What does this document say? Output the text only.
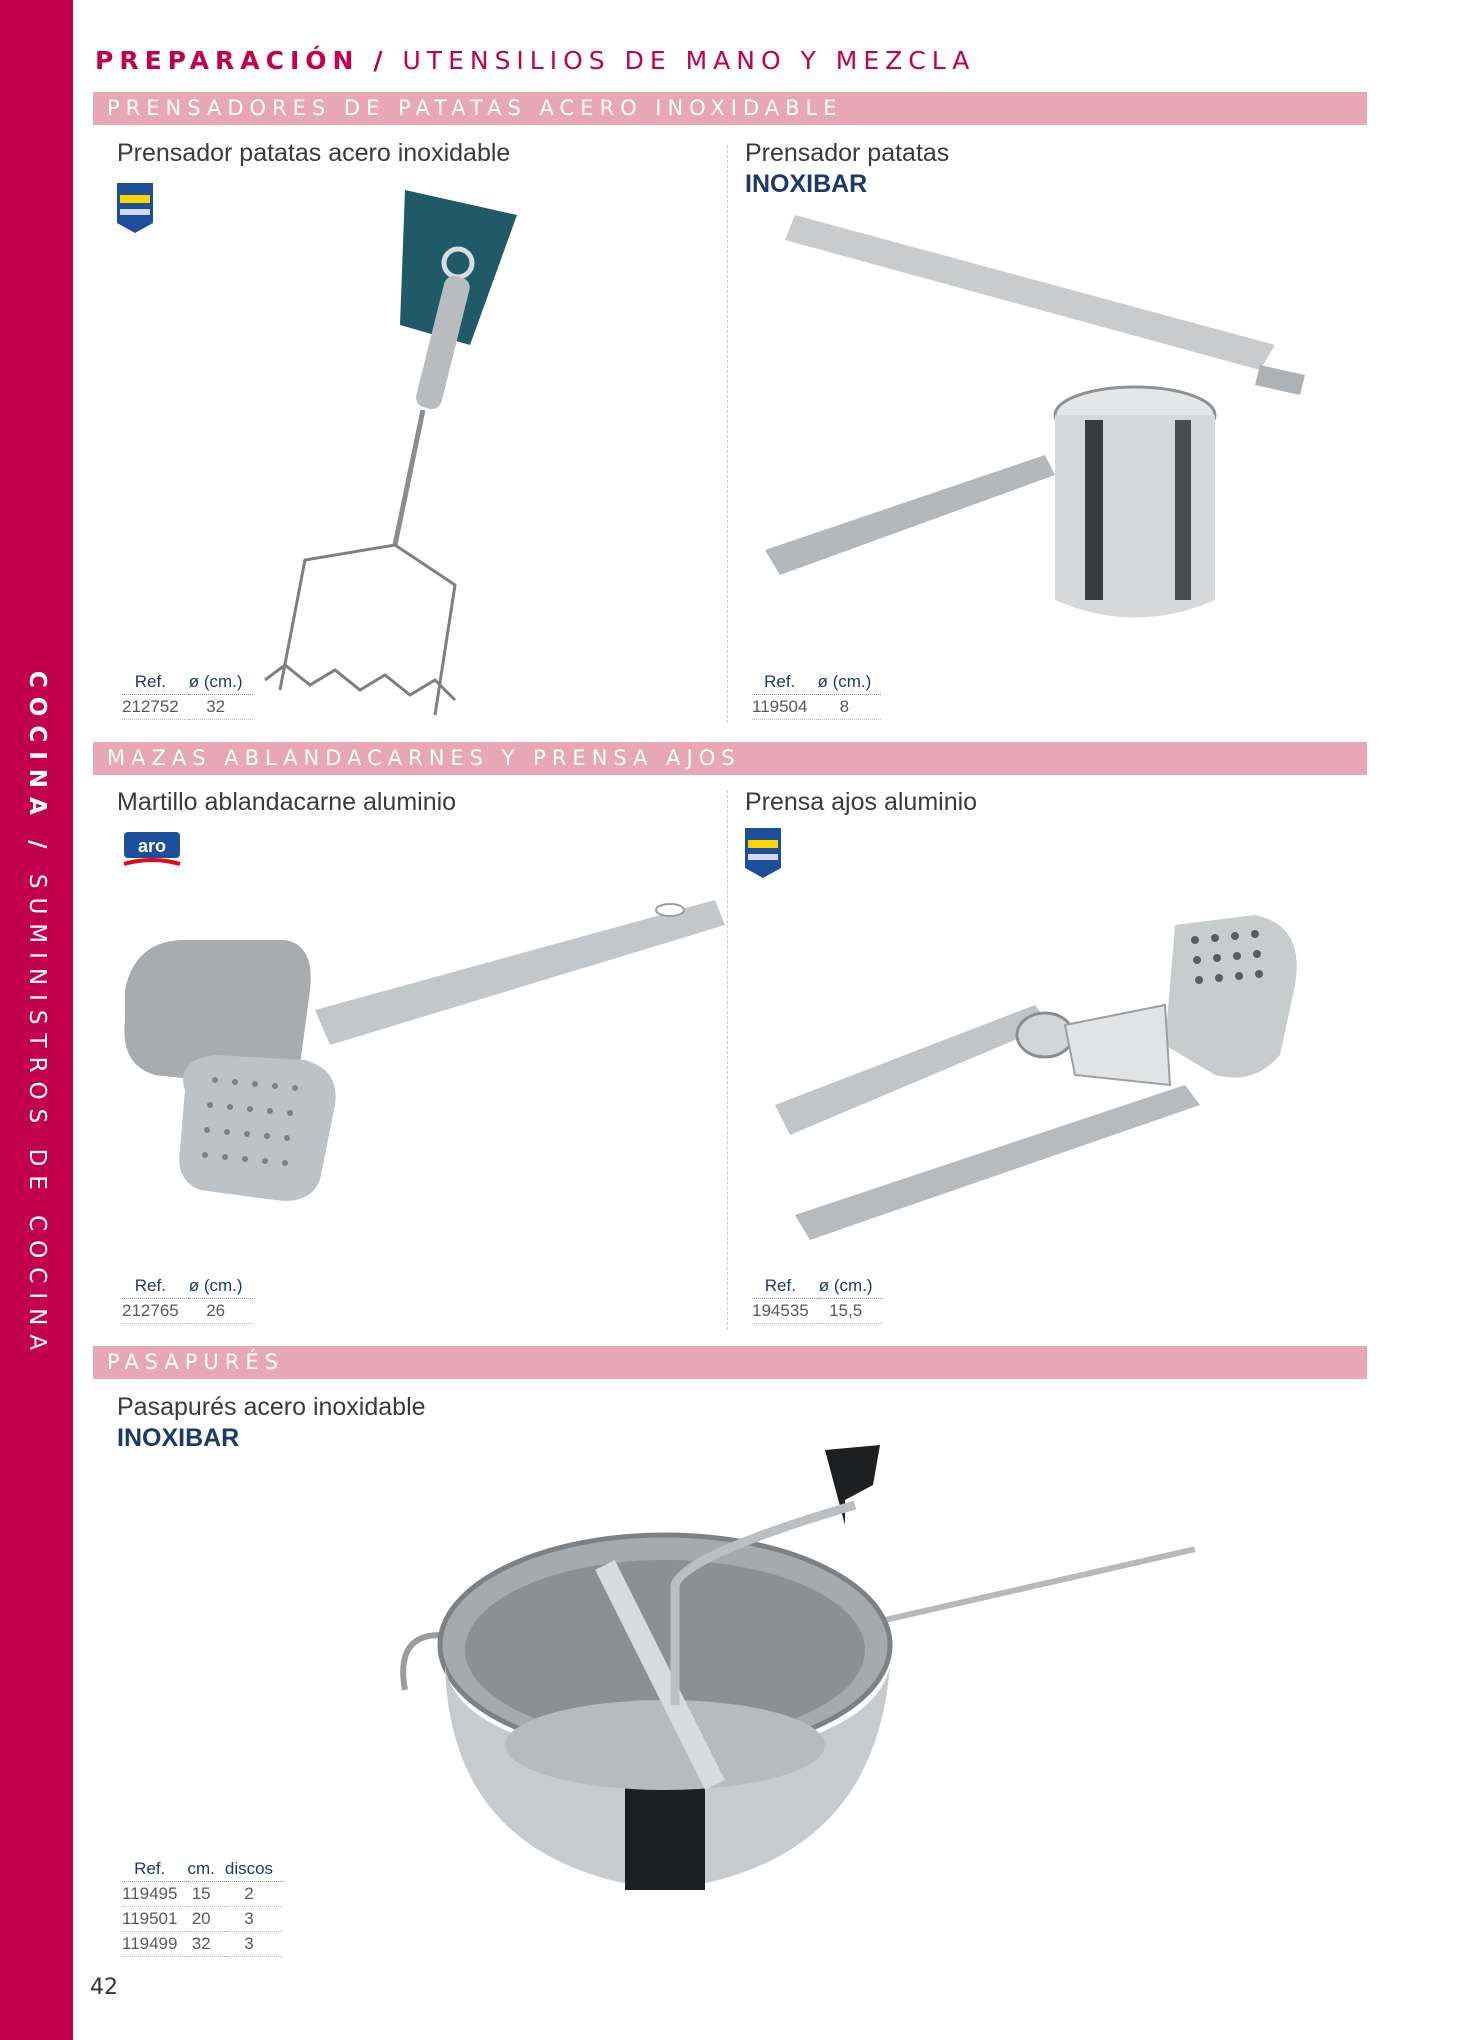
COCINA / SUMINISTROS DE COCINA
PREPARACIÓN / UTENSILIOS DE MANO Y MEZCLA
PRENSADORES DE PATATAS ACERO INOXIDABLE
MAZAS ABLANDACARNES Y PRENSA AJOS
PASAPURÉS
Prensador patatas acero inoxidable
Ref.	ø (cm.)
212752	32
Prensador patatas
INOXIBAR
Ref.	ø (cm.)
119504	8
Martillo ablandacarne aluminio
aro
Ref.	ø (cm.)
212765	26
Prensa ajos aluminio
Ref.	ø (cm.)
194535	15,5
Pasapurés acero inoxidable
INOXIBAR
Ref.	cm.	discos
119495	15	2
119501	20	3
119499	32	3
42
